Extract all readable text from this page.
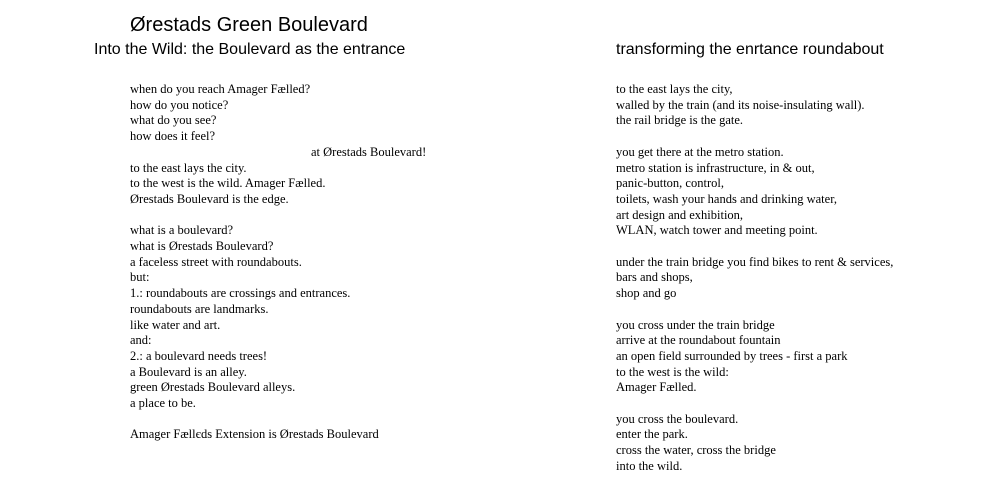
Ørestads Green Boulevard
Into the Wild: the Boulevard as the entrance	transforming the enrtance roundabout
when do you reach Amager Fælled?
how do you notice?
what do you see?
how does it feel?
at Ørestads Boulevard!
to the east lays the city.
to the west is the wild. Amager Fælled.
Ørestads Boulevard is the edge.
what is a boulevard?
what is Ørestads Boulevard?
a faceless street with roundabouts.
but:
1.: roundabouts are crossings and entrances.
roundabouts are landmarks.
like water and art.
and:
2.: a boulevard needs trees!
a Boulevard is an alley.
green Ørestads Boulevard alleys.
a place to be.
Amager Fællєds Extension is Ørestads Boulevard
to the east lays the city,
walled by the train (and its noise-insulating wall).
the rail bridge is the gate.
you get there at the metro station.
metro station is infrastructure, in & out,
panic-button, control,
toilets, wash your hands and drinking water,
art design and exhibition,
WLAN, watch tower and meeting point.
under the train bridge you find bikes to rent & services,
bars and shops,
shop and go
you cross under the train bridge
arrive at the roundabout fountain
an open field surrounded by trees - first a park
to the west is the wild:
Amager Fælled.
you cross the boulevard.
enter the park.
cross the water, cross the bridge
into the wild.
